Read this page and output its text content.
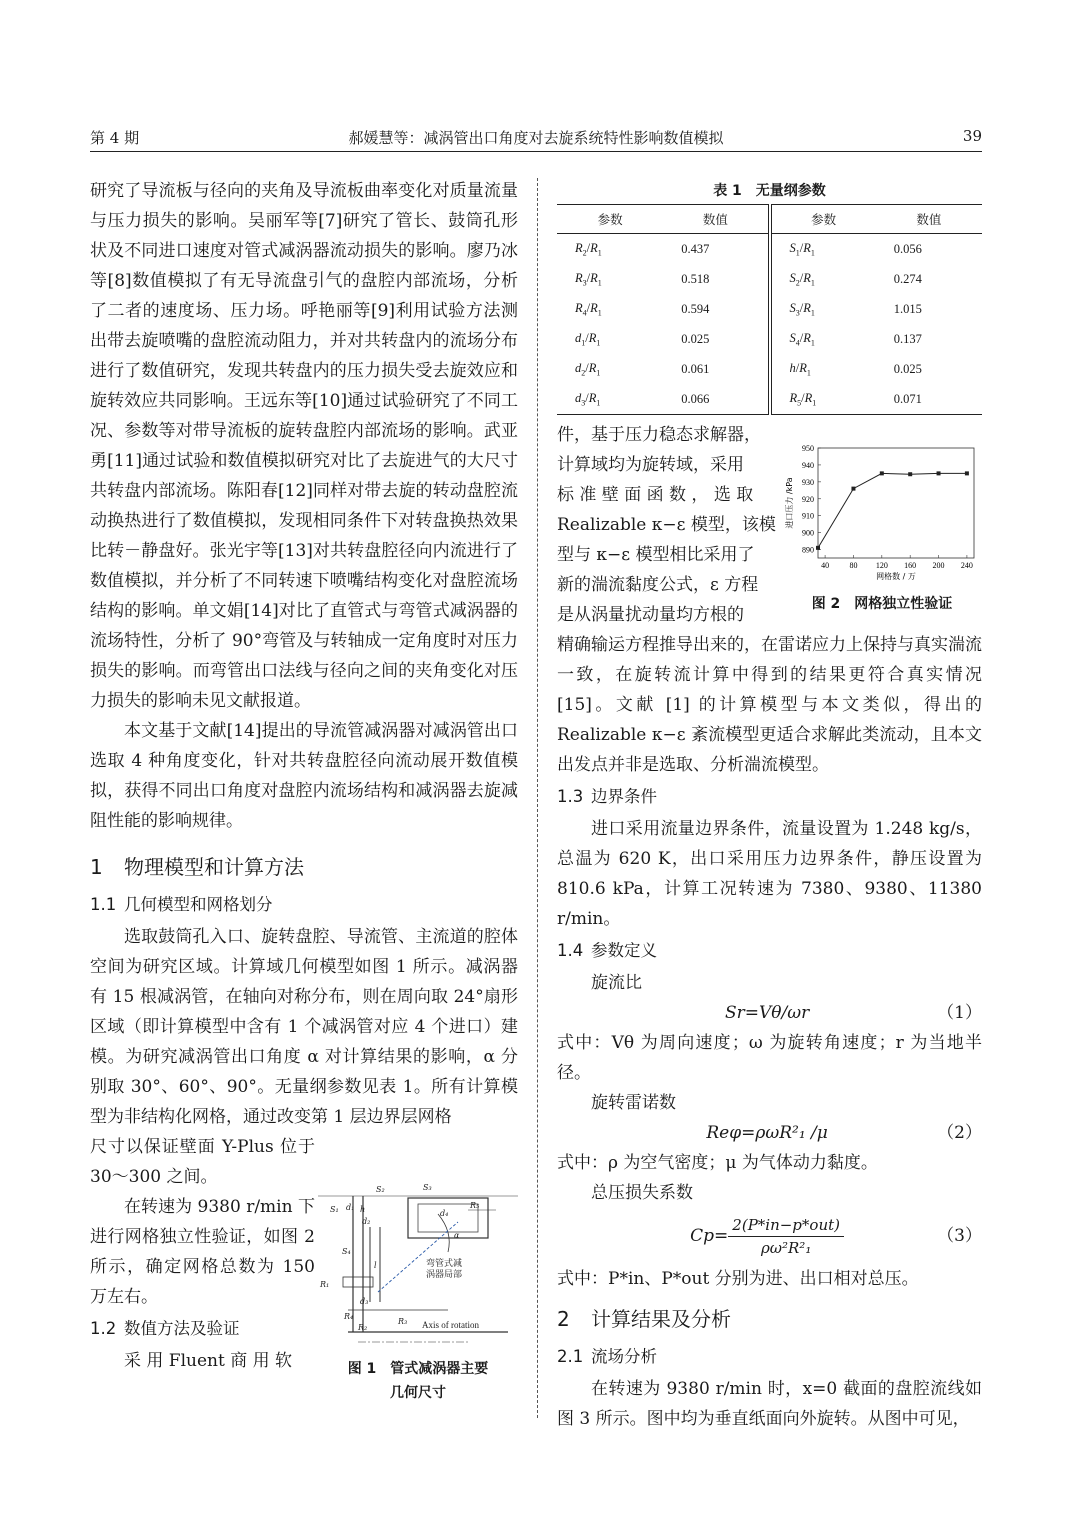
第 4 期	郝媛慧等：减涡管出口角度对去旋系统特性影响数值模拟	39

研究了导流板与径向的夹角及导流板曲率变化对质量流量与压力损失的影响。吴丽军等[7]研究了管长、鼓筒孔形状及不同进口速度对管式减涡器流动损失的影响。廖乃冰等[8]数值模拟了有无导流盘引气的盘腔内部流场，分析了二者的速度场、压力场。呼艳丽等[9]利用试验方法测出带去旋喷嘴的盘腔流动阻力，并对共转盘内的流场分布进行了数值研究，发现共转盘内的压力损失受去旋效应和旋转效应共同影响。王远东等[10]通过试验研究了不同工况、参数等对带导流板的旋转盘腔内部流场的影响。武亚勇[11]通过试验和数值模拟研究对比了去旋进气的大尺寸共转盘内部流场。陈阳春[12]同样对带去旋的转动盘腔流动换热进行了数值模拟，发现相同条件下对转盘换热效果比转－静盘好。张光宇等[13]对共转盘腔径向内流进行了数值模拟，并分析了不同转速下喷嘴结构变化对盘腔流场结构的影响。单文娟[14]对比了直管式与弯管式减涡器的流场特性，分析了 90°弯管及与转轴成一定角度时对压力损失的影响。而弯管出口法线与径向之间的夹角变化对压力损失的影响未见文献报道。

本文基于文献[14]提出的导流管减涡器对减涡管出口选取 4 种角度变化，针对共转盘腔径向流动展开数值模拟，获得不同出口角度对盘腔内流场结构和减涡器去旋减阻性能的影响规律。

1 物理模型和计算方法
1.1 几何模型和网格划分

选取鼓筒孔入口、旋转盘腔、导流管、主流道的腔体空间为研究区域。计算域几何模型如图 1 所示。减涡器有 15 根减涡管，在轴向对称分布，则在周向取 24°扇形区域（即计算模型中含有 1 个减涡管对应 4 个进口）建模。为研究减涡管出口角度 α 对计算结果的影响，α 分别取 30°、60°、90°。无量纲参数见表 1。所有计算模型为非结构化网格，通过改变第 1 层边界层网格

尺寸以保证壁面 Y-Plus 位于 30～300 之间。

在转速为 9380 r/min 下进行网格独立性验证，如图 2 所示，确定网格总数为 150 万左右。

1.2 数值方法及验证

采 用 Fluent 商 用 软

S₂	S₃
S₁ d₁ h
d₂
d₄
R₅
α
S₄
l
R₁
d₃
R₄
R₂
R₃
弯管式减
涡器局部
Axis of rotation
图 1　管式减涡器主要
几何尺寸
表 1　无量纲参数
参数	数值	参数	数值
$R_2/R_1$	0.437	$S_1/R_1$	0.056
$R_3/R_1$	0.518	$S_2/R_1$	0.274
$R_4/R_1$	0.594	$S_3/R_1$	1.015
$d_1/R_1$	0.025	$S_4/R_1$	0.137
$d_2/R_1$	0.061	$h/R_1$	0.025
$d_3/R_1$	0.066	$R_5/R_1$	0.071
890
900
910
920
930
940
950
40	80 120 160 200 240
网格数 / 万
进口压力 /kPa
图 2　网格独立性验证

件，基于压力稳态求解器，

计算域均为旋转域，采用

标 准 壁 面 函 数 ， 选 取

Realizable κ−ε 模型，该模

型与 κ−ε 模型相比采用了

新的湍流黏度公式，ε 方程

是从涡量扰动量均方根的

精确输运方程推导出来的，在雷诺应力上保持与真实湍流一致，在旋转流计算中得到的结果更符合真实情况 [15]。文献 [1] 的计算模型与本文类似，得出的 Realizable κ−ε 紊流模型更适合求解此类流动，且本文出发点并非是选取、分析湍流模型。

1.3 边界条件

进口采用流量边界条件，流量设置为 1.248 kg/s，总温为 620 K，出口采用压力边界条件，静压设置为 810.6 kPa，计算工况转速为 7380、9380、11380 r/min。

1.4 参数定义

旋流比

Sr=Vθ/ωr	（1）

式中：Vθ 为周向速度；ω 为旋转角速度；r 为当地半径。

旋转雷诺数

Reφ=ρωR²₁ /μ	（2）

式中：ρ 为空气密度；μ 为气体动力黏度。

总压损失系数

Cp=
2(P*in−p*out)
ρω²R²₁
（3）

式中：P*in、P*out 分别为进、出口相对总压。

2 计算结果及分析
2.1 流场分析

在转速为 9380 r/min 时，x=0 截面的盘腔流线如图 3 所示。图中均为垂直纸面向外旋转。从图中可见，
